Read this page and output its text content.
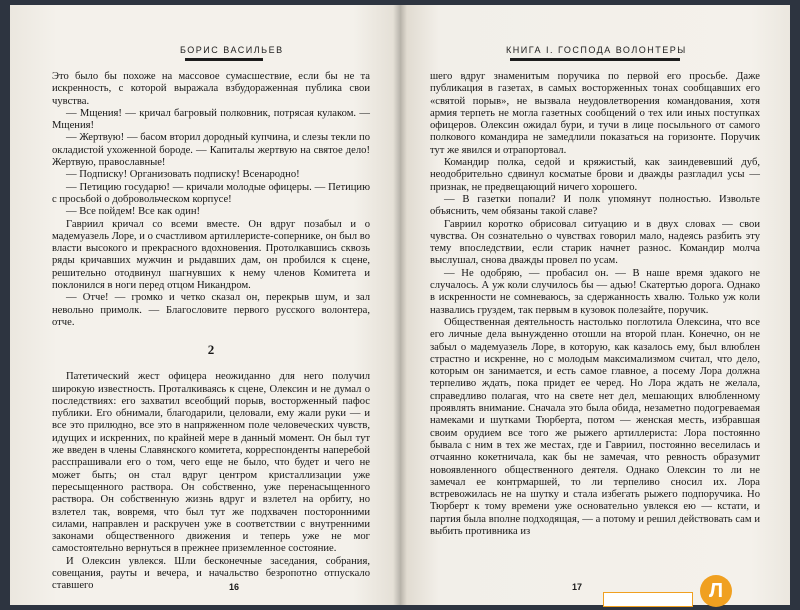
БОРИС ВАСИЛЬЕВ

Это было бы похоже на массовое сумасшествие, если бы не та искренность, с которой выражала взбудораженная публика свои чувства.

— Мщения! — кричал багровый полковник, потрясая кулаком. — Мщения!

— Жертвую! — басом вторил дородный купчина, и слезы текли по окладистой ухоженной бороде. — Капиталы жертвую на святое дело! Жертвую, православные!

— Подписку! Организовать подписку! Всенародно!

— Петицию государю! — кричали молодые офицеры. — Петицию с просьбой о добровольческом корпусе!

— Все пойдем! Все как один!

Гавриил кричал со всеми вместе. Он вдруг позабыл и о мадемуазель Лоре, и о счастливом артиллеристе-сопернике, он был во власти высокого и прекрасного вдохновения. Протолкавшись сквозь ряды кричавших мужчин и рыдавших дам, он пробился к сцене, решительно отодвинул шагнувших к нему членов Комитета и поклонился в ноги перед отцом Никандром.

— Отче! — громко и четко сказал он, перекрыв шум, и зал невольно примолк. — Благословите первого русского волонтера, отче.

2

Патетический жест офицера неожиданно для него получил широкую известность. Проталкиваясь к сцене, Олексин и не думал о последствиях: его захватил всеобщий порыв, восторженный пафос публики. Его обнимали, благодарили, целовали, ему жали руки — и все это прилюдно, все это в напряженном поле человеческих чувств, идущих и искренних, по крайней мере в данный момент. Он был тут же введен в члены Славянского комитета, корреспонденты наперебой расспрашивали его о том, чего еще не было, что будет и чего не может быть; он стал вдруг центром кристаллизации уже пересыщенного раствора. Он собственно, уже перенасыщенного раствора. Он собственную жизнь вдруг и взлетел на орбиту, но взлетел так, вовремя, что был тут же подхвачен посторонними силами, направлен и раскручен уже в соответствии с внутренними законами общественного движения и теперь уже не мог самостоятельно вернуться в прежнее приземленное состояние.

И Олексин увлекся. Шли бесконечные заседания, собрания, совещания, рауты и вечера, и начальство безропотно отпускало ставшего	16
КНИГА I. ГОСПОДА ВОЛОНТЕРЫ

шего вдруг знаменитым поручика по первой его просьбе. Даже публикация в газетах, в самых восторженных тонах сообщавших его «святой порыв», не вызвала неудовлетворения командования, хотя армия терпеть не могла газетных сообщений о тех или иных поступках офицеров. Олексин ожидал бури, и тучи в лице посыльного от самого полкового командира не замедлили показаться на горизонте. Поручик тут же явился и отрапортовал.

Командир полка, седой и кряжистый, как заиндевевший дуб, неодобрительно сдвинул косматые брови и дважды разгладил усы — признак, не предвещающий ничего хорошего.

— В газетки попали? И полк упомянут полностью. Извольте объяснить, чем обязаны такой славе?

Гавриил коротко обрисовал ситуацию и в двух словах — свои чувства. Он сознательно о чувствах говорил мало, надеясь разбить эту тему впоследствии, если старик начнет разнос. Командир молча выслушал, снова дважды провел по усам.

— Не одобряю, — пробасил он. — В наше время эдакого не случалось. А уж коли случилось бы — адью! Скатертью дорога. Однако в искренности не сомневаюсь, за сдержанность хвалю. Только уж коли назвались груздем, так первым в кузовок полезайте, поручик.

Общественная деятельность настолько поглотила Олексина, что все его личные дела вынужденно отошли на второй план. Конечно, он не забыл о мадемуазель Лоре, в которую, как казалось ему, был влюблен страстно и искренне, но с молодым максимализмом считал, что дело, которым он занимается, и есть самое главное, а посему Лора должна терпеливо ждать, пока придет ее черед. Но Лора ждать не желала, справедливо полагая, что на свете нет дел, мешающих влюбленному проявлять внимание. Сначала это была обида, незаметно подогреваемая намеками и шутками Тюрберта, потом — женская месть, избравшая своим орудием все того же рыжего артиллериста: Лора постоянно бывала с ним в тех же местах, где и Гавриил, постоянно веселилась и отчаянно кокетничала, как бы не замечая, что ревность образумит новоявленного общественного деятеля. Однако Олексин то ли не замечал ее контрмаршей, то ли терпеливо сносил их. Лора встревожилась не на шутку и стала избегать рыжего подпоручика. Но Тюрберт к тому времени уже основательно увлекся ею — кстати, и партия была вполне подходящая, — а потому и решил действовать сам и выбить противника из

17	Л
